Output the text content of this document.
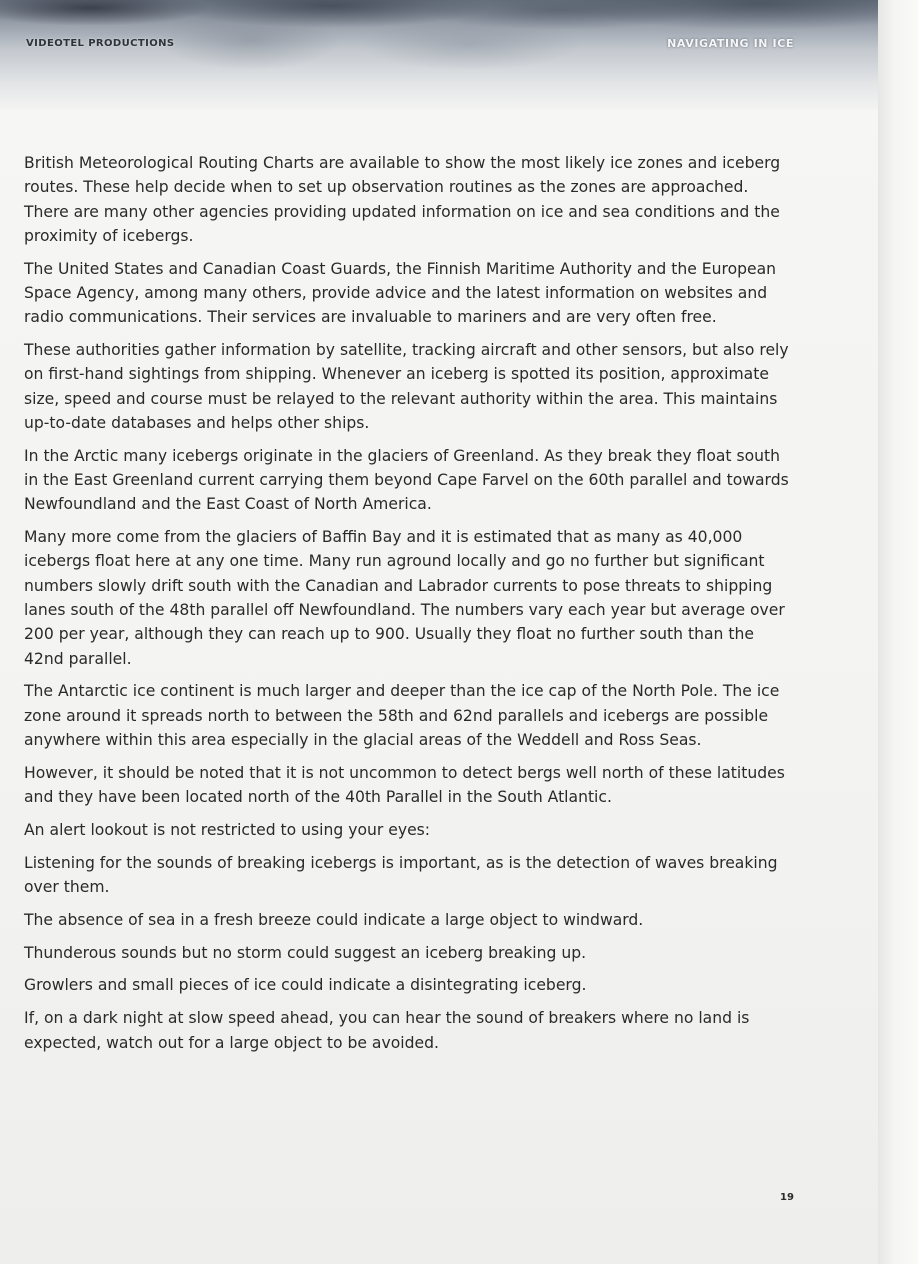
VIDEOTEL PRODUCTIONS	NAVIGATING IN ICE

British Meteorological Routing Charts are available to show the most likely ice zones and iceberg routes. These help decide when to set up observation routines as the zones are approached. There are many other agencies providing updated information on ice and sea conditions and the proximity of icebergs.

The United States and Canadian Coast Guards, the Finnish Maritime Authority and the European Space Agency, among many others, provide advice and the latest information on websites and radio communications. Their services are invaluable to mariners and are very often free.

These authorities gather information by satellite, tracking aircraft and other sensors, but also rely on first-hand sightings from shipping. Whenever an iceberg is spotted its position, approximate size, speed and course must be relayed to the relevant authority within the area. This maintains up-to-date databases and helps other ships.

In the Arctic many icebergs originate in the glaciers of Greenland. As they break they float south in the East Greenland current carrying them beyond Cape Farvel on the 60th parallel and towards Newfoundland and the East Coast of North America.

Many more come from the glaciers of Baffin Bay and it is estimated that as many as 40,000 icebergs float here at any one time. Many run aground locally and go no further but significant numbers slowly drift south with the Canadian and Labrador currents to pose threats to shipping lanes south of the 48th parallel off Newfoundland. The numbers vary each year but average over 200 per year, although they can reach up to 900. Usually they float no further south than the 42nd parallel.

The Antarctic ice continent is much larger and deeper than the ice cap of the North Pole. The ice zone around it spreads north to between the 58th and 62nd parallels and icebergs are possible anywhere within this area especially in the glacial areas of the Weddell and Ross Seas.

However, it should be noted that it is not uncommon to detect bergs well north of these latitudes and they have been located north of the 40th Parallel in the South Atlantic.

An alert lookout is not restricted to using your eyes:

Listening for the sounds of breaking icebergs is important, as is the detection of waves breaking over them.

The absence of sea in a fresh breeze could indicate a large object to windward.

Thunderous sounds but no storm could suggest an iceberg breaking up.

Growlers and small pieces of ice could indicate a disintegrating iceberg.

If, on a dark night at slow speed ahead, you can hear the sound of breakers where no land is expected, watch out for a large object to be avoided.

19
